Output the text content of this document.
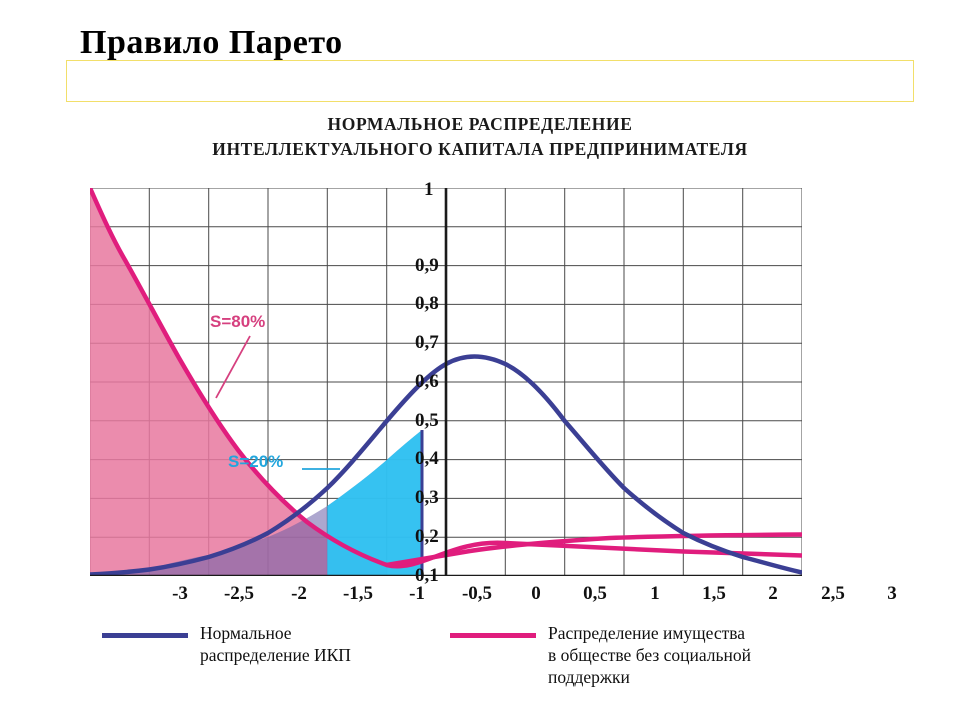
Правило Парето
НОРМАЛЬНОЕ РАСПРЕДЕЛЕНИЕ
ИНТЕЛЛЕКТУАЛЬНОГО КАПИТАЛА ПРЕДПРИНИМАТЕЛЯ
0,1
0,2
0,3
0,4
0,5
0,6
0,7
0,8
0,9
1
-3 -2,5 -2 -1,5 -1 -0,5 0 0,5 1 1,5 2 2,5 3
S=80%
S=20%
Нормальное
распределение ИКП
Распределение имущества
в обществе без социальной
поддержки
